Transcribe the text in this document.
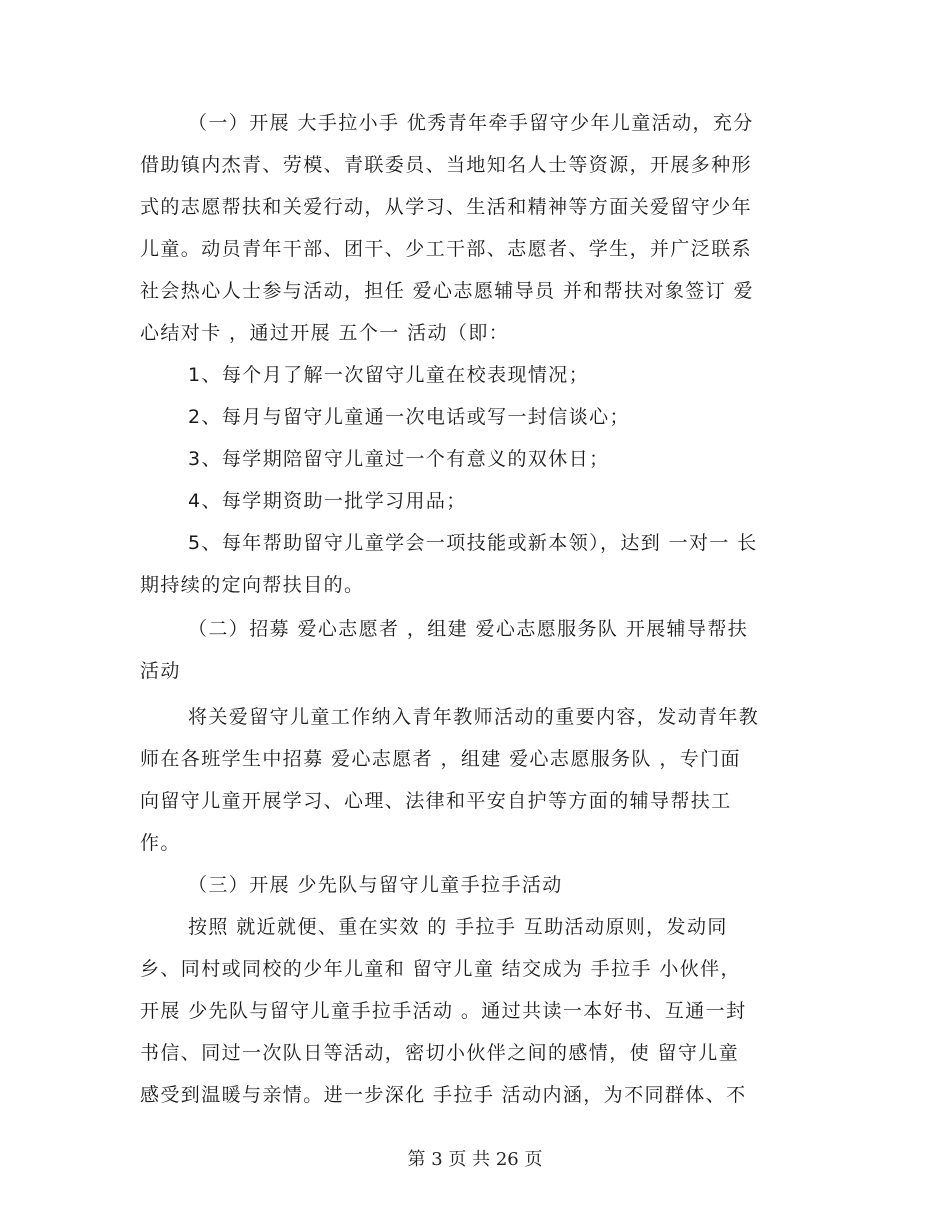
（一）开展 大手拉小手 优秀青年牵手留守少年儿童活动，充分
借助镇内杰青、劳模、青联委员、当地知名人士等资源，开展多种形
式的志愿帮扶和关爱行动，从学习、生活和精神等方面关爱留守少年
儿童。动员青年干部、团干、少工干部、志愿者、学生，并广泛联系
社会热心人士参与活动，担任 爱心志愿辅导员 并和帮扶对象签订 爱
心结对卡 ，通过开展 五个一 活动（即：
1、每个月了解一次留守儿童在校表现情况；
2、每月与留守儿童通一次电话或写一封信谈心；
3、每学期陪留守儿童过一个有意义的双休日；
4、每学期资助一批学习用品；
5、每年帮助留守儿童学会一项技能或新本领），达到 一对一 长
期持续的定向帮扶目的。
（二）招募 爱心志愿者 ，组建 爱心志愿服务队 开展辅导帮扶
活动
将关爱留守儿童工作纳入青年教师活动的重要内容，发动青年教
师在各班学生中招募 爱心志愿者 ，组建 爱心志愿服务队 ，专门面
向留守儿童开展学习、心理、法律和平安自护等方面的辅导帮扶工
作。
（三）开展 少先队与留守儿童手拉手活动
按照 就近就便、重在实效 的 手拉手 互助活动原则，发动同
乡、同村或同校的少年儿童和 留守儿童 结交成为 手拉手 小伙伴，
开展 少先队与留守儿童手拉手活动 。通过共读一本好书、互通一封
书信、同过一次队日等活动，密切小伙伴之间的感情，使 留守儿童
感受到温暖与亲情。进一步深化 手拉手 活动内涵，为不同群体、不
第 3 页 共 26 页
